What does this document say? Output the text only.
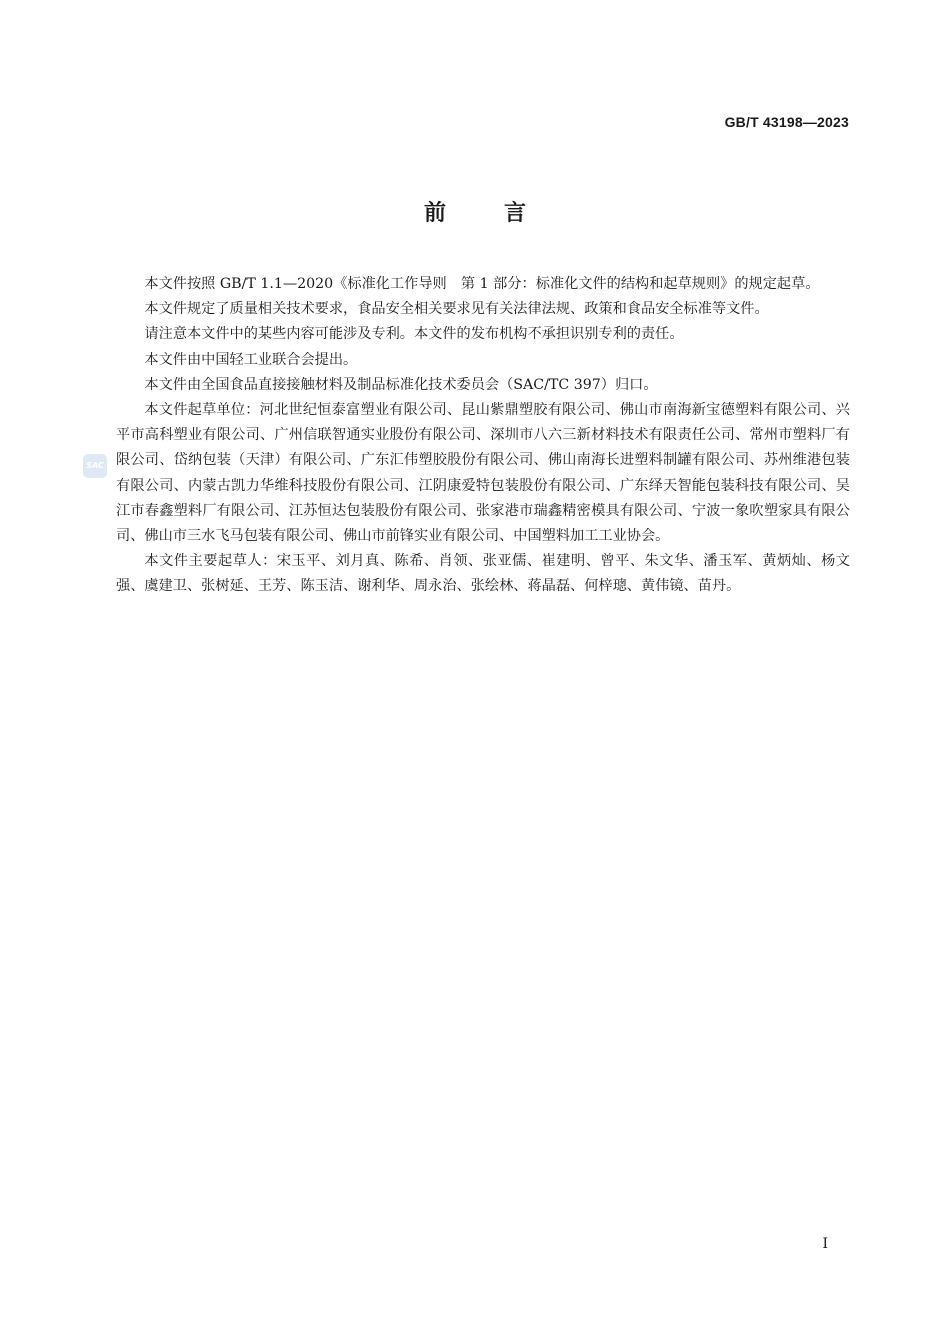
GB/T 43198—2023
前言

本文件按照 GB/T 1.1—2020《标准化工作导则　第 1 部分：标准化文件的结构和起草规则》的规定起草。

本文件规定了质量相关技术要求，食品安全相关要求见有关法律法规、政策和食品安全标准等文件。

请注意本文件中的某些内容可能涉及专利。本文件的发布机构不承担识别专利的责任。

本文件由中国轻工业联合会提出。

本文件由全国食品直接接触材料及制品标准化技术委员会（SAC/TC 397）归口。

本文件起草单位：河北世纪恒泰富塑业有限公司、昆山紫鼎塑胶有限公司、佛山市南海新宝德塑料有限公司、兴平市高科塑业有限公司、广州信联智通实业股份有限公司、深圳市八六三新材料技术有限责任公司、常州市塑料厂有限公司、岱纳包装（天津）有限公司、广东汇伟塑胶股份有限公司、佛山南海长进塑料制罐有限公司、苏州维港包装有限公司、内蒙古凯力华维科技股份有限公司、江阴康爱特包装股份有限公司、广东绎天智能包装科技有限公司、吴江市春鑫塑料厂有限公司、江苏恒达包装股份有限公司、张家港市瑞鑫精密模具有限公司、宁波一象吹塑家具有限公司、佛山市三水飞马包装有限公司、佛山市前锋实业有限公司、中国塑料加工工业协会。

本文件主要起草人：宋玉平、刘月真、陈希、肖领、张亚儒、崔建明、曾平、朱文华、潘玉军、黄炳灿、杨文强、虞建卫、张树延、王芳、陈玉洁、谢利华、周永治、张绘林、蒋晶磊、何梓璁、黄伟镜、苗丹。

SAC
I
